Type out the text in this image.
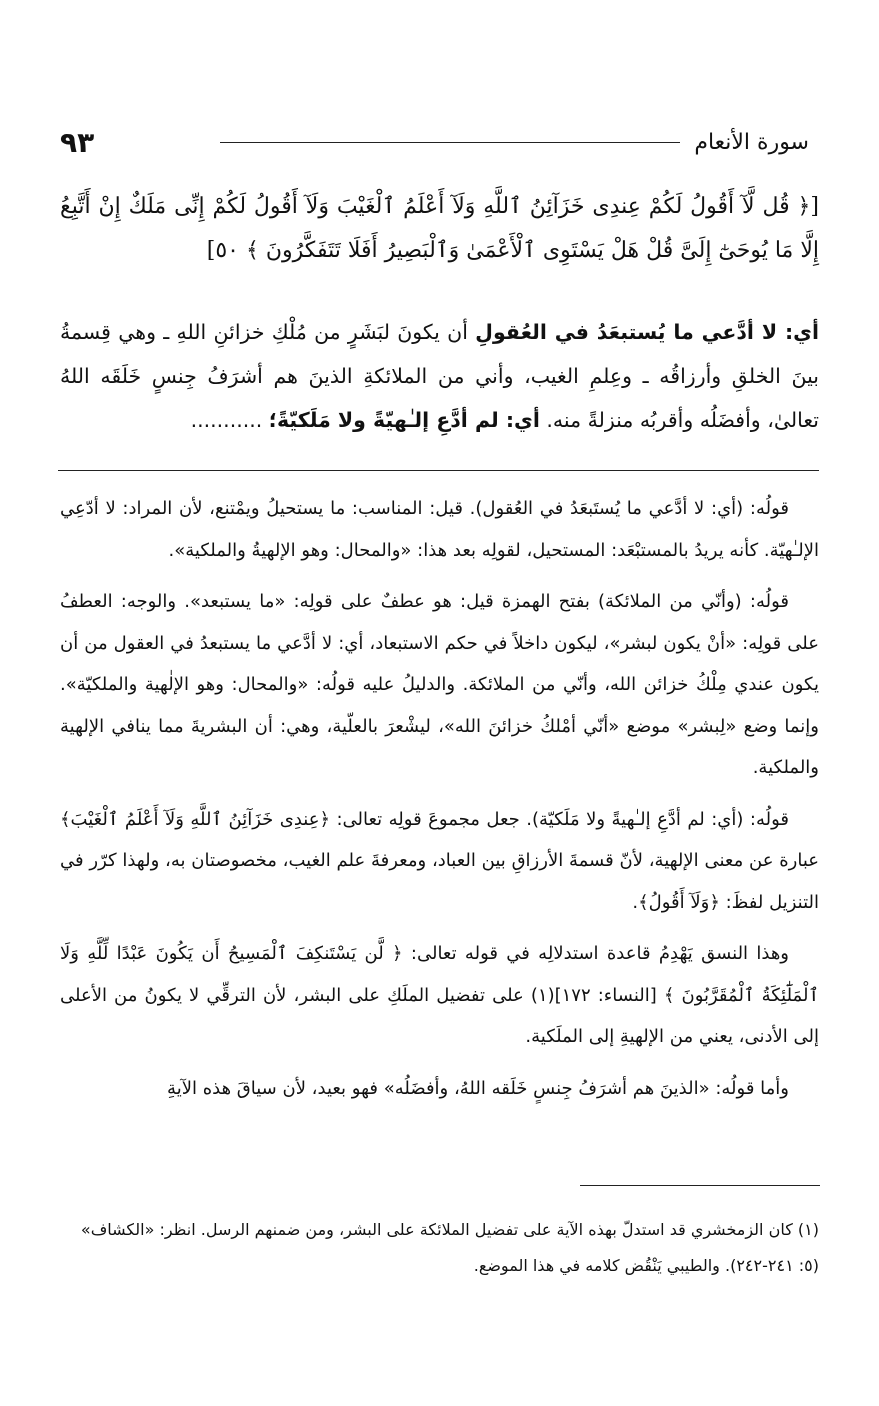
سورة الأنعام
٩٣
[﴿ قُل لَّآ أَقُولُ لَكُمْ عِندِى خَزَآئِنُ ٱللَّهِ وَلَآ أَعْلَمُ ٱلْغَيْبَ وَلَآ أَقُولُ لَكُمْ إِنِّى مَلَكٌ إِنْ أَتَّبِعُ إِلَّا مَا يُوحَىٰٓ إِلَىَّ قُلْ هَلْ يَسْتَوِى ٱلْأَعْمَىٰ وَٱلْبَصِيرُ أَفَلَا تَتَفَكَّرُونَ ﴾ ٥٠]
أي: لا أدَّعي ما يُستبعَدُ في العُقولِ أن يكونَ لبَشَرٍ من مُلْكِ خزائنِ اللهِ ـ وهي قِسمةُ بينَ الخلقِ وأرزاقُه ـ وعِلمِ الغيب، وأني من الملائكةِ الذينَ هم أشرَفُ جِنسٍ خَلَقَه اللهُ تعالىٰ، وأفضَلُه وأقربُه منزلةً منه. أي: لم أدَّعِ إلـٰهيّةً ولا مَلَكيّةً؛ ...........

قولُه: (أي: لا أدَّعي ما يُستَبعَدُ في العُقول). قيل: المناسب: ما يستحيلُ ويمْتنع، لأن المراد: لا أدّعِي الإلـٰهيّة. كأنه يريدُ بالمستبْعَد: المستحيل، لقولِه بعد هذا: «والمحال: وهو الإلهيةُ والملكية».

قولُه: (وأنّي من الملائكة) بفتح الهمزة قيل: هو عطفٌ على قولِه: «ما يستبعد». والوجه: العطفُ على قولِه: «أنْ يكون لبشر»، ليكون داخلاً في حكم الاستبعاد، أي: لا أدَّعي ما يستبعدُ في العقول من أن يكون عندي مِلْكُ خزائن الله، وأنّي من الملائكة. والدليلُ عليه قولُه: «والمحال: وهو الإلٰهية والملكيّة». وإنما وضع «لِبشر» موضع «أنّي أمْلكُ خزائنَ الله»، ليشْعرَ بالعلّية، وهي: أن البشريةَ مما ينافي الإلهية والملكية.

قولُه: (أي: لم أدَّعِ إلـٰهيةً ولا مَلَكيّة). جعل مجموعَ قولِه تعالى: ﴿عِندِى خَزَآئِنُ ٱللَّهِ وَلَآ أَعْلَمُ ٱلْغَيْبَ﴾ عبارة عن معنى الإلهية، لأنّ قسمةَ الأرزاقِ بين العباد، ومعرفةَ علم الغيب، مخصوصتان به، ولهذا كرّر في التنزيل لفظَ: ﴿وَلَآ أَقُولُ﴾.

وهذا النسق يَهْدِمُ قاعدة استدلالِه في قوله تعالى: ﴿ لَّن يَسْتَنكِفَ ٱلْمَسِيحُ أَن يَكُونَ عَبْدًا لِّلَّهِ وَلَا ٱلْمَلَٰٓئِكَةُ ٱلْمُقَرَّبُونَ ﴾ [النساء: ١٧٢](١) على تفضيل الملَكِ على البشر، لأن الترقِّي لا يكونُ من الأعلى إلى الأدنى، يعني من الإلهيةِ إلى الملَكية.

وأما قولُه: «الذينَ هم أشرَفُ جِنسٍ خَلَقه اللهُ، وأفضَلُه» فهو بعيد، لأن سياقَ هذه الآيةِ

(١) كان الزمخشري قد استدلّ بهذه الآية على تفضيل الملائكة على البشر، ومن ضمنهم الرسل. انظر: «الكشاف»

(٥: ٢٤١-٢٤٢). والطيبي يَنْقُض كلامه في هذا الموضع.
